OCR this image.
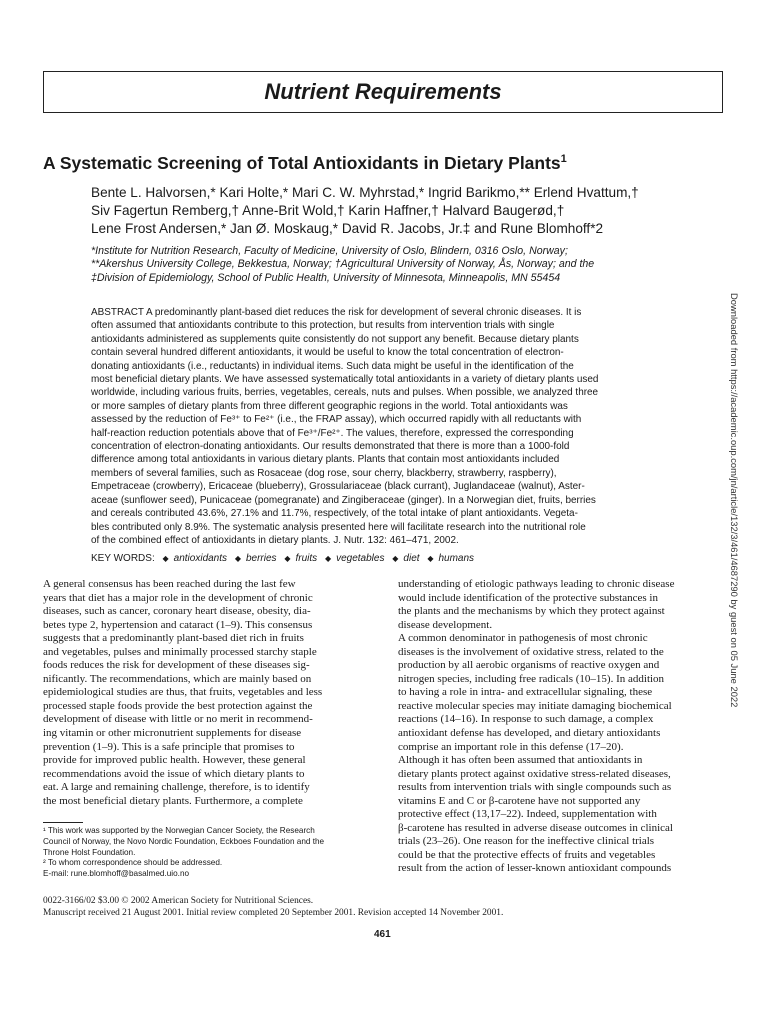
Nutrient Requirements
A Systematic Screening of Total Antioxidants in Dietary Plants$^1$
Bente L. Halvorsen,* Kari Holte,* Mari C. W. Myhrstad,* Ingrid Barikmo,** Erlend Hvattum,†
Siv Fagertun Remberg,† Anne-Brit Wold,† Karin Haffner,† Halvard Baugerød,†
Lene Frost Andersen,* Jan Ø. Moskaug,* David R. Jacobs, Jr.‡ and Rune Blomhoff*2
*Institute for Nutrition Research, Faculty of Medicine, University of Oslo, Blindern, 0316 Oslo, Norway;
**Akershus University College, Bekkestua, Norway; †Agricultural University of Norway, Ås, Norway; and the
‡Division of Epidemiology, School of Public Health, University of Minnesota, Minneapolis, MN 55454
ABSTRACT A predominantly plant-based diet reduces the risk for development of several chronic diseases. It is
often assumed that antioxidants contribute to this protection, but results from intervention trials with single
antioxidants administered as supplements quite consistently do not support any benefit. Because dietary plants
contain several hundred different antioxidants, it would be useful to know the total concentration of electron-
donating antioxidants (i.e., reductants) in individual items. Such data might be useful in the identification of the
most beneficial dietary plants. We have assessed systematically total antioxidants in a variety of dietary plants used
worldwide, including various fruits, berries, vegetables, cereals, nuts and pulses. When possible, we analyzed three
or more samples of dietary plants from three different geographic regions in the world. Total antioxidants was
assessed by the reduction of Fe³⁺ to Fe²⁺ (i.e., the FRAP assay), which occurred rapidly with all reductants with
half-reaction reduction potentials above that of Fe³⁺/Fe²⁺. The values, therefore, expressed the corresponding
concentration of electron-donating antioxidants. Our results demonstrated that there is more than a 1000-fold
difference among total antioxidants in various dietary plants. Plants that contain most antioxidants included
members of several families, such as Rosaceae (dog rose, sour cherry, blackberry, strawberry, raspberry),
Empetraceae (crowberry), Ericaceae (blueberry), Grossulariaceae (black currant), Juglandaceae (walnut), Aster-
aceae (sunflower seed), Punicaceae (pomegranate) and Zingiberaceae (ginger). In a Norwegian diet, fruits, berries
and cereals contributed 43.6%, 27.1% and 11.7%, respectively, of the total intake of plant antioxidants. Vegeta-
bles contributed only 8.9%. The systematic analysis presented here will facilitate research into the nutritional role
of the combined effect of antioxidants in dietary plants. J. Nutr. 132: 461–471, 2002.
KEY WORDS: ◆ antioxidants ◆ berries ◆ fruits ◆ vegetables ◆ diet ◆ humans
A general consensus has been reached during the last few
years that diet has a major role in the development of chronic
diseases, such as cancer, coronary heart disease, obesity, dia-
betes type 2, hypertension and cataract (1–9). This consensus
suggests that a predominantly plant-based diet rich in fruits
and vegetables, pulses and minimally processed starchy staple
foods reduces the risk for development of these diseases sig-
nificantly. The recommendations, which are mainly based on
epidemiological studies are thus, that fruits, vegetables and less
processed staple foods provide the best protection against the
development of disease with little or no merit in recommend-
ing vitamin or other micronutrient supplements for disease
prevention (1–9). This is a safe principle that promises to
provide for improved public health. However, these general
recommendations avoid the issue of which dietary plants to
eat. A large and remaining challenge, therefore, is to identify
the most beneficial dietary plants. Furthermore, a complete
understanding of etiologic pathways leading to chronic disease
would include identification of the protective substances in
the plants and the mechanisms by which they protect against
disease development.
A common denominator in pathogenesis of most chronic
diseases is the involvement of oxidative stress, related to the
production by all aerobic organisms of reactive oxygen and
nitrogen species, including free radicals (10–15). In addition
to having a role in intra- and extracellular signaling, these
reactive molecular species may initiate damaging biochemical
reactions (14–16). In response to such damage, a complex
antioxidant defense has developed, and dietary antioxidants
comprise an important role in this defense (17–20).
Although it has often been assumed that antioxidants in
dietary plants protect against oxidative stress-related diseases,
results from intervention trials with single compounds such as
vitamins E and C or β-carotene have not supported any
protective effect (13,17–22). Indeed, supplementation with
β-carotene has resulted in adverse disease outcomes in clinical
trials (23–26). One reason for the ineffective clinical trials
could be that the protective effects of fruits and vegetables
result from the action of lesser-known antioxidant compounds
¹ This work was supported by the Norwegian Cancer Society, the Research
Council of Norway, the Novo Nordic Foundation, Eckboes Foundation and the
Throne Holst Foundation.
² To whom correspondence should be addressed.
E-mail: rune.blomhoff@basalmed.uio.no
0022-3166/02 $3.00 © 2002 American Society for Nutritional Sciences.
Manuscript received 21 August 2001. Initial review completed 20 September 2001. Revision accepted 14 November 2001.
461
Downloaded from https://academic.oup.com/jn/article/132/3/461/4687290 by guest on 05 June 2022
